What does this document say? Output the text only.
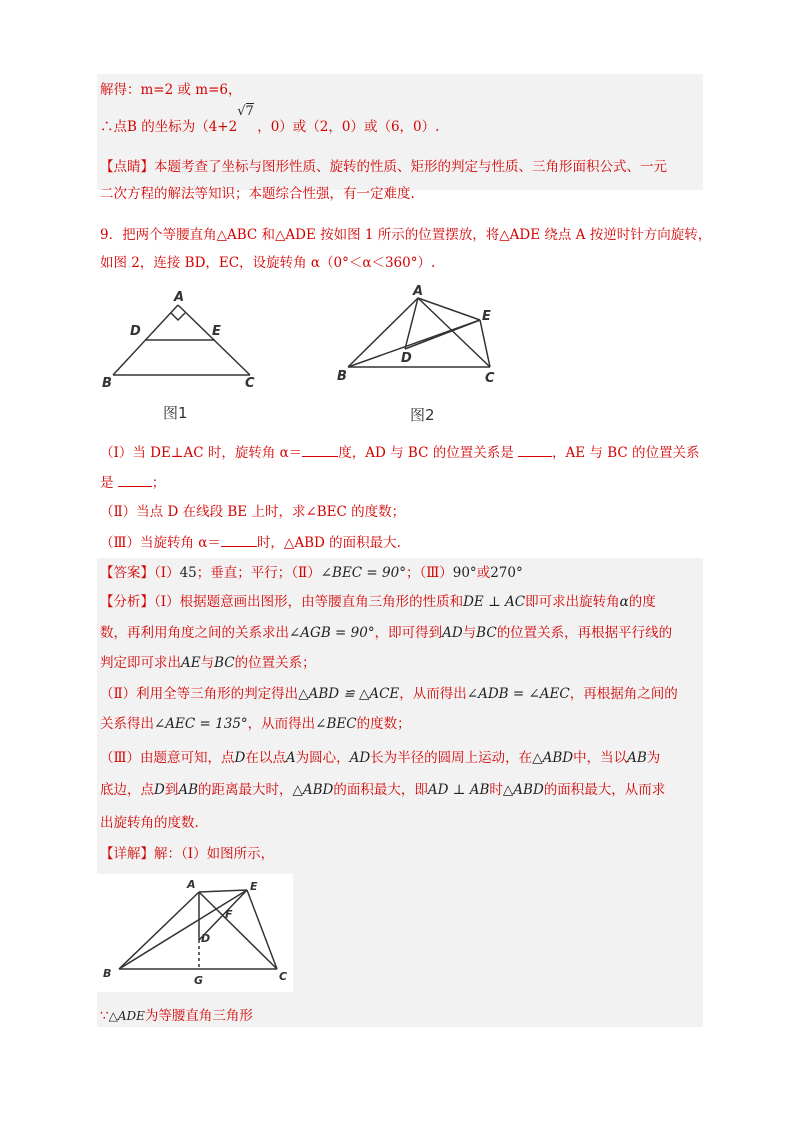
解得：m=2 或 m=6，
∴点B 的坐标为（4+2
√7
，0）或（2，0）或（6，0）.
【点睛】本题考查了坐标与图形性质、旋转的性质、矩形的判定与性质、三角形面积公式、一元
二次方程的解法等知识；本题综合性强，有一定难度.
9．把两个等腰直角△ABC 和△ADE 按如图 1 所示的位置摆放，将△ADE 绕点 A 按逆时针方向旋转，
如图 2，连接 BD，EC，设旋转角 α（0°＜α＜360°）.
A
D	E
B	C
图1
A
E
D
B	C
图2
（Ⅰ）当 DE⊥AC 时，旋转角 α＝	度，AD 与 BC 的位置关系是	，AE 与 BC 的位置关系
是	；
（Ⅱ）当点 D 在线段 BE 上时，求∠BEC 的度数；
（Ⅲ）当旋转角 α＝	时，△ABD 的面积最大.
【答案】（Ⅰ）45；垂直；平行；（Ⅱ）∠BEC = 90°；（Ⅲ）90°或270°
【分析】（Ⅰ）根据题意画出图形，由等腰直角三角形的性质和DE ⊥ AC即可求出旋转角α的度
数，再利用角度之间的关系求出∠AGB = 90°，即可得到AD与BC的位置关系，再根据平行线的
判定即可求出AE与BC的位置关系；
（Ⅱ）利用全等三角形的判定得出△ABD ≌ △ACE，从而得出∠ADB = ∠AEC，再根据角之间的
关系得出∠AEC = 135°，从而得出∠BEC的度数；
（Ⅲ）由题意可知，点D在以点A为圆心，AD长为半径的圆周上运动，在△ABD中，当以AB为
底边，点D到AB的距离最大时，△ABD的面积最大，即AD ⊥ AB时△ABD的面积最大，从而求
出旋转角的度数.
【详解】解：（Ⅰ）如图所示，
A	E
F
D
B
G	C
∵△ADE为等腰直角三角形
